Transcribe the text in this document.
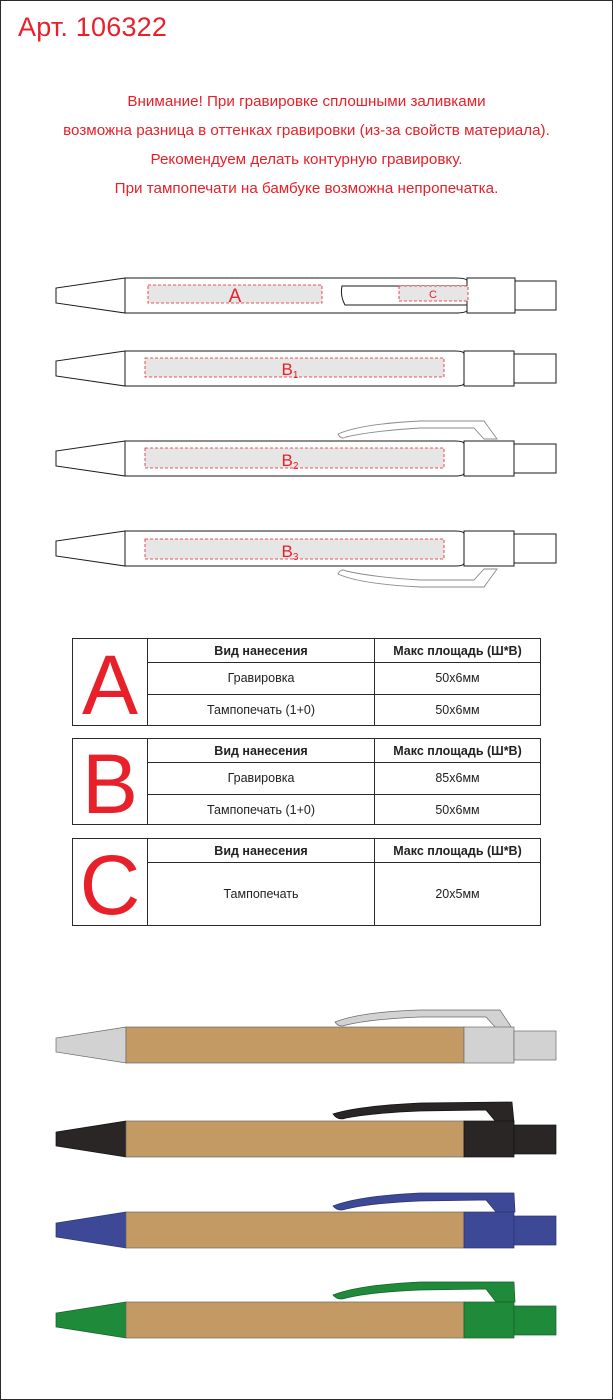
Арт. 106322
Внимание! При гравировке сплошными заливками
возможна разница в оттенках гравировки (из-за свойств материала).
Рекомендуем делать контурную гравировку.
При тампопечати на бамбуке возможна непропечатка.
A	C
B1
B2
B3
A	Вид нанесения	Макс площадь (Ш*В)
Гравировка	50х6мм
Тампопечать (1+0)	50х6мм
B	Вид нанесения	Макс площадь (Ш*В)
Гравировка	85х6мм
Тампопечать (1+0)	50х6мм
C	Вид нанесения	Макс площадь (Ш*В)
Тампопечать	20х5мм
